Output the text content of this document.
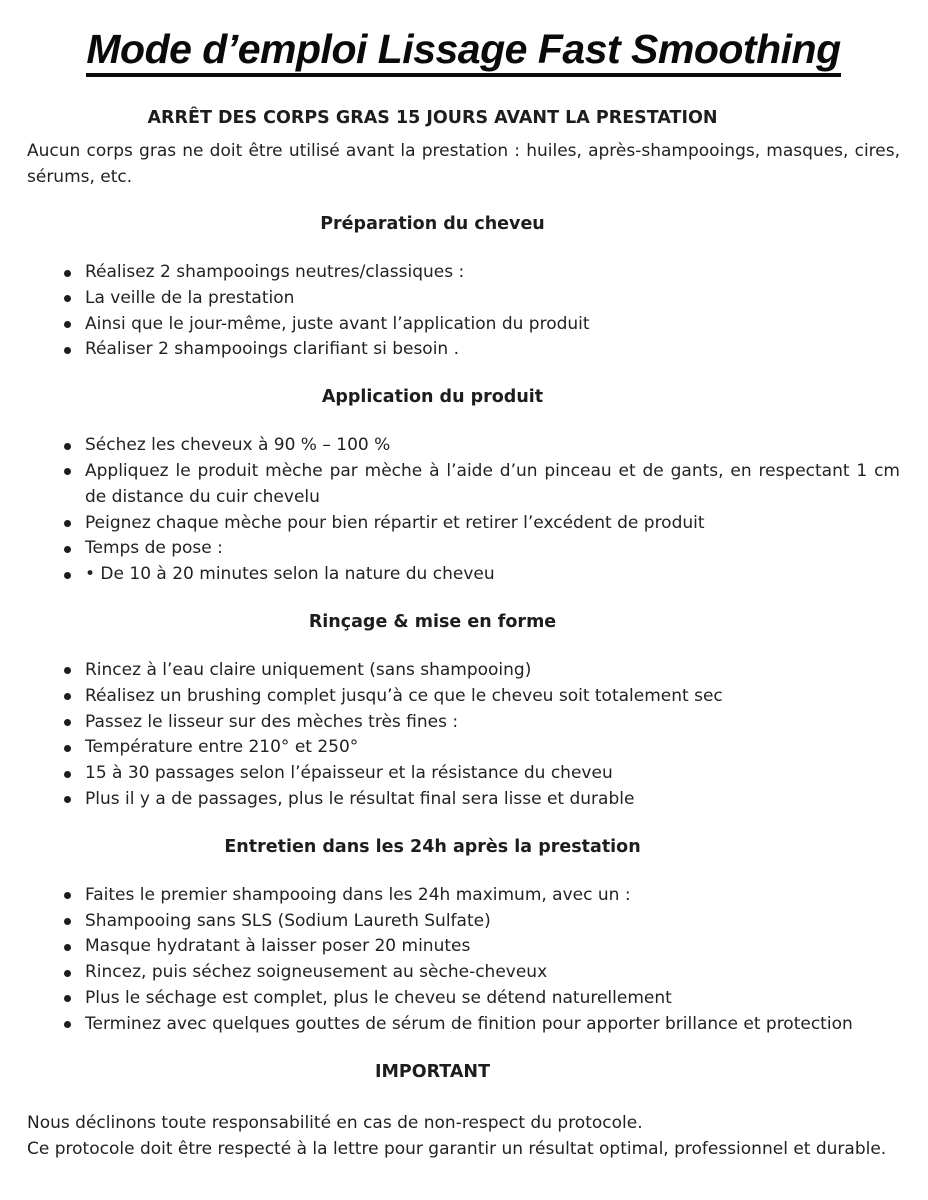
Mode d’emploi Lissage Fast Smoothing
ARRÊT DES CORPS GRAS 15 JOURS AVANT LA PRESTATION

Aucun corps gras ne doit être utilisé avant la prestation : huiles, après-shampooings, masques, cires, sérums, etc.

Préparation du cheveu
Réalisez 2 shampooings neutres/classiques :
La veille de la prestation
Ainsi que le jour-même, juste avant l’application du produit
Réaliser 2 shampooings clarifiant si besoin .
Application du produit
Séchez les cheveux à 90 % – 100 %
Appliquez le produit mèche par mèche à l’aide d’un pinceau et de gants, en respectant 1 cm de distance du cuir chevelu
Peignez chaque mèche pour bien répartir et retirer l’excédent de produit
Temps de pose :
• De 10 à 20 minutes selon la nature du cheveu
Rinçage & mise en forme
Rincez à l’eau claire uniquement (sans shampooing)
Réalisez un brushing complet jusqu’à ce que le cheveu soit totalement sec
Passez le lisseur sur des mèches très fines :
Température entre 210° et 250°
15 à 30 passages selon l’épaisseur et la résistance du cheveu
Plus il y a de passages, plus le résultat final sera lisse et durable
Entretien dans les 24h après la prestation
Faites le premier shampooing dans les 24h maximum, avec un :
Shampooing sans SLS (Sodium Laureth Sulfate)
Masque hydratant à laisser poser 20 minutes
Rincez, puis séchez soigneusement au sèche-cheveux
Plus le séchage est complet, plus le cheveu se détend naturellement
Terminez avec quelques gouttes de sérum de finition pour apporter brillance et protection
IMPORTANT

Nous déclinons toute responsabilité en cas de non-respect du protocole.

Ce protocole doit être respecté à la lettre pour garantir un résultat optimal, professionnel et durable.
